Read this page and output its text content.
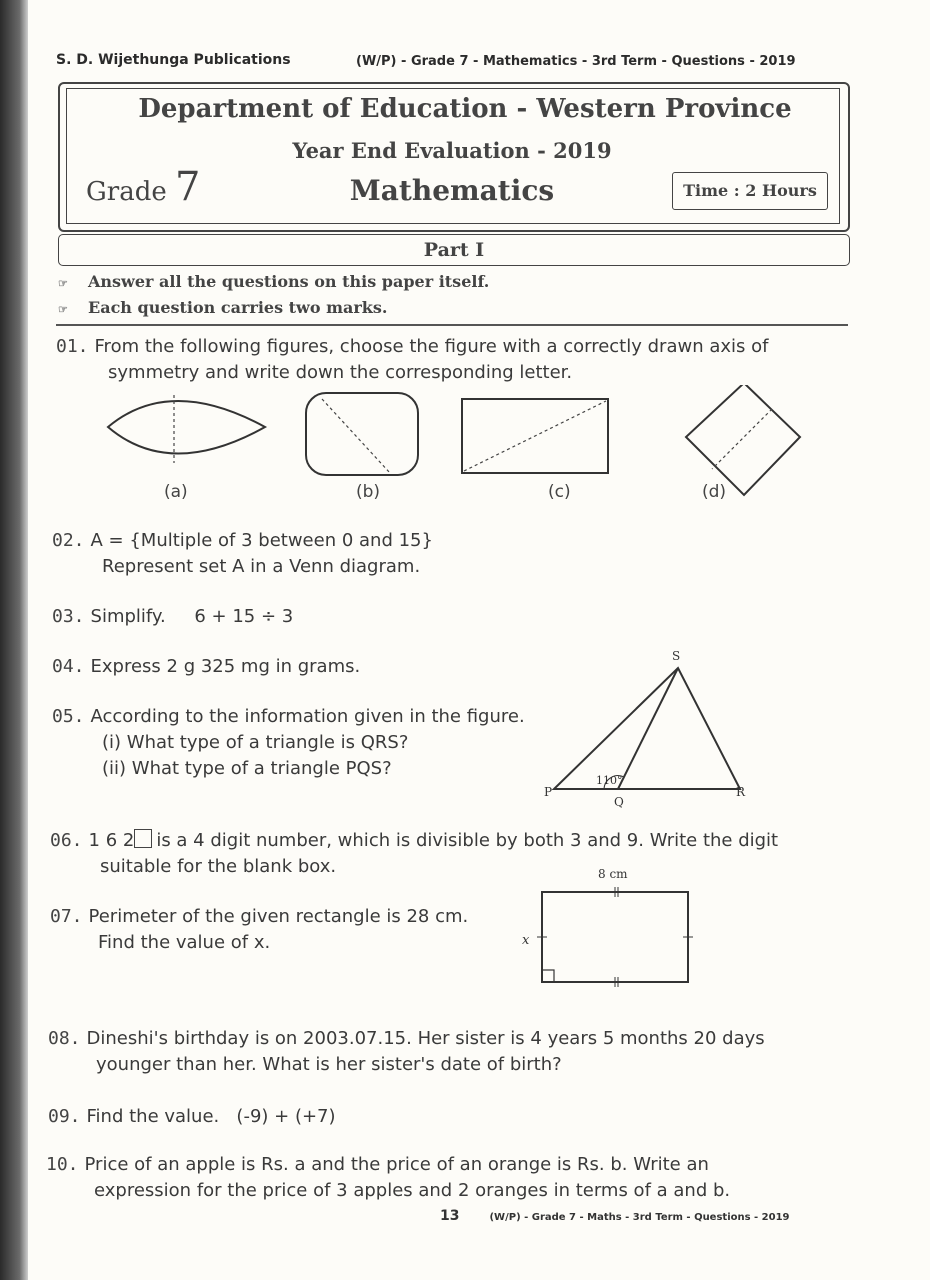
S. D. Wijethunga Publications	(W/P) - Grade 7 - Mathematics - 3rd Term - Questions - 2019
Department of Education - Western Province
Year End Evaluation - 2019
Mathematics
Grade 7	Time : 2 Hours
Part I
☞ Answer all the questions on this paper itself.
☞ Each question carries two marks.
01. From the following figures, choose the figure with a correctly drawn axis of
symmetry and write down the corresponding letter.
(a)	(b)	(c)	(d)
02. A = {Multiple of 3 between 0 and 15}
Represent set A in a Venn diagram.
03. Simplify.     6 + 15 ÷ 3
04. Express 2 g 325 mg in grams.
05. According to the information given in the figure.
(i) What type of a triangle is QRS?
(ii) What type of a triangle PQS?
S
P
Q
R
110°
06. 1 6 2 is a 4 digit number, which is divisible by both 3 and 9. Write the digit
suitable for the blank box.
07. Perimeter of the given rectangle is 28 cm.
Find the value of x.
8 cm
x
08. Dineshi's birthday is on 2003.07.15. Her sister is 4 years 5 months 20 days
younger than her. What is her sister's date of birth?
09. Find the value.   (-9) + (+7)
10. Price of an apple is Rs. a and the price of an orange is Rs. b. Write an
expression for the price of 3 apples and 2 oranges in terms of a and b.
13	(W/P) - Grade 7 - Maths - 3rd Term - Questions - 2019
